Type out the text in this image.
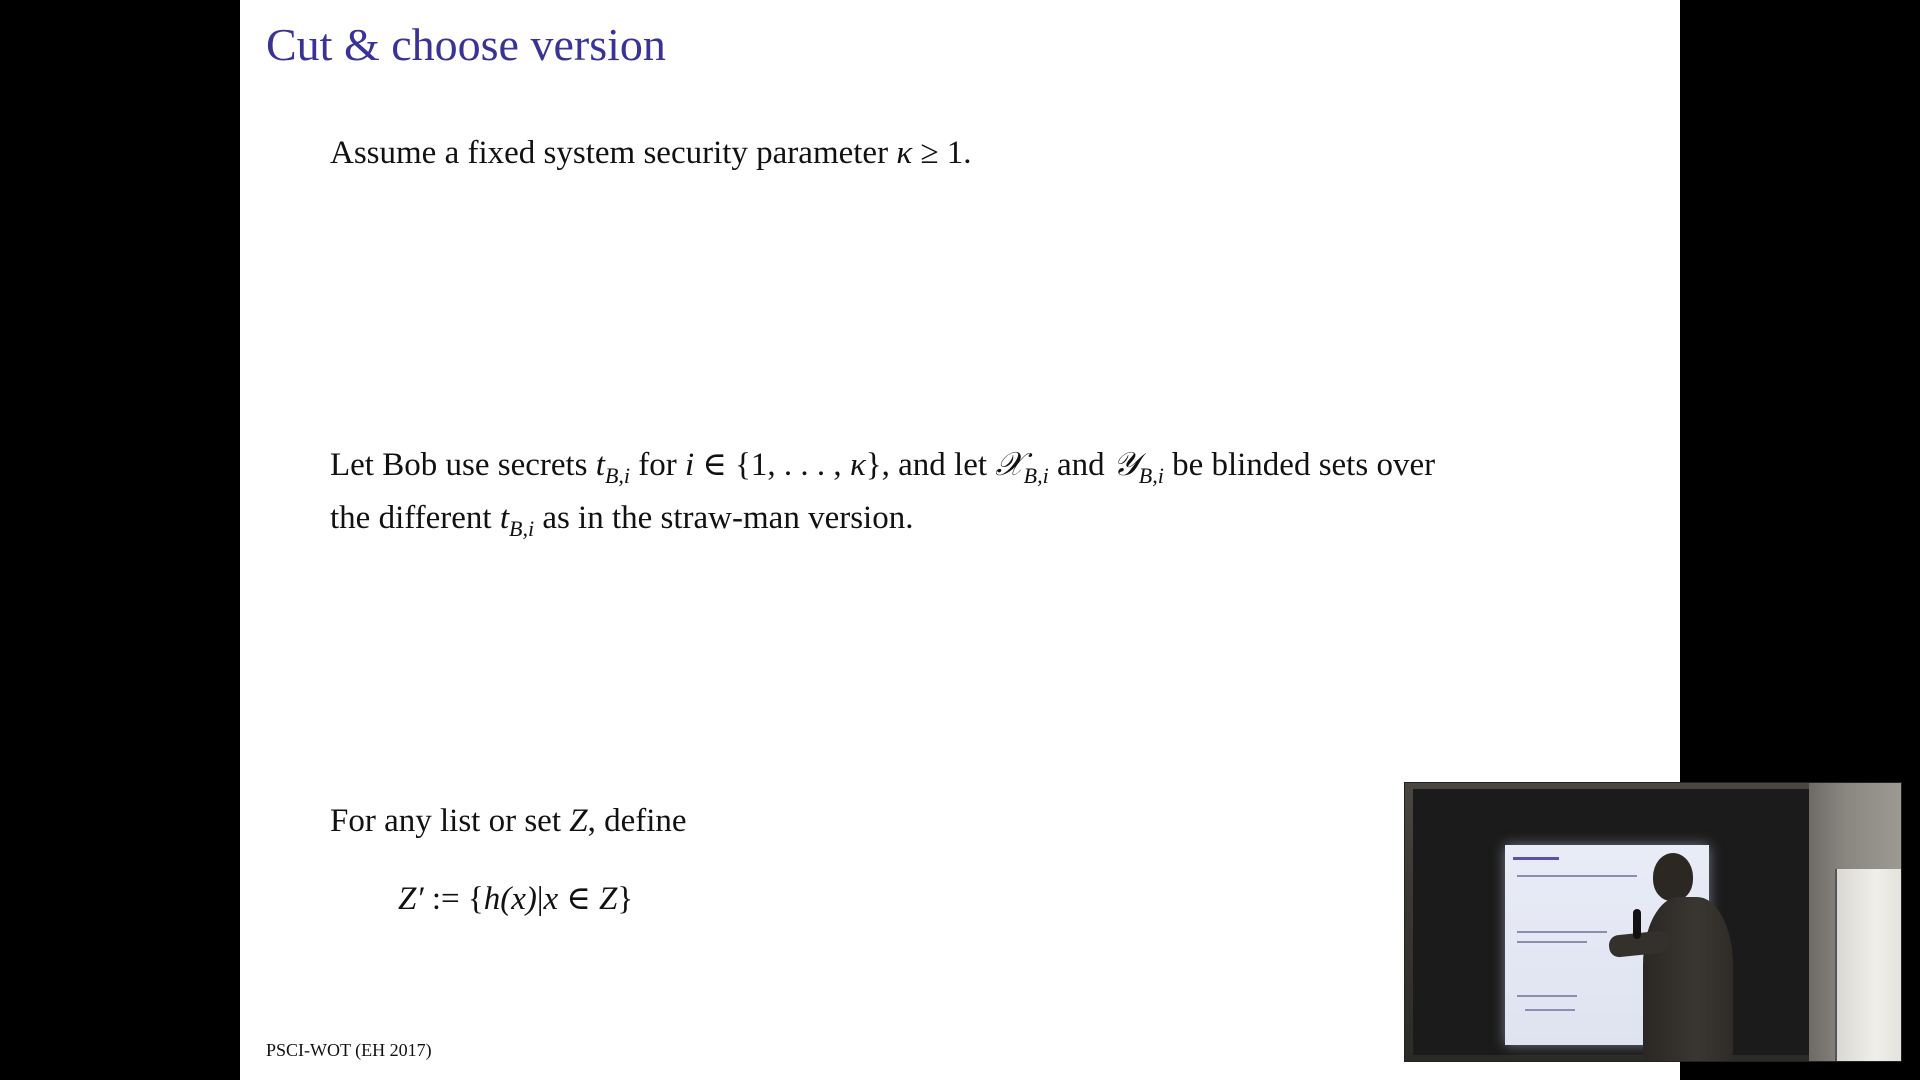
Cut & choose version
Assume a fixed system security parameter κ ≥ 1.
Let Bob use secrets $t_{B,i}$ for i ∈ {1, . . . , κ}, and let 𝒳$_{B,i}$ and 𝒴$_{B,i}$ be blinded sets over
the different $t_{B,i}$ as in the straw-man version.
For any list or set Z, define
Z′ := {h(x)|x ∈ Z}
PSCI-WOT (EH 2017)
